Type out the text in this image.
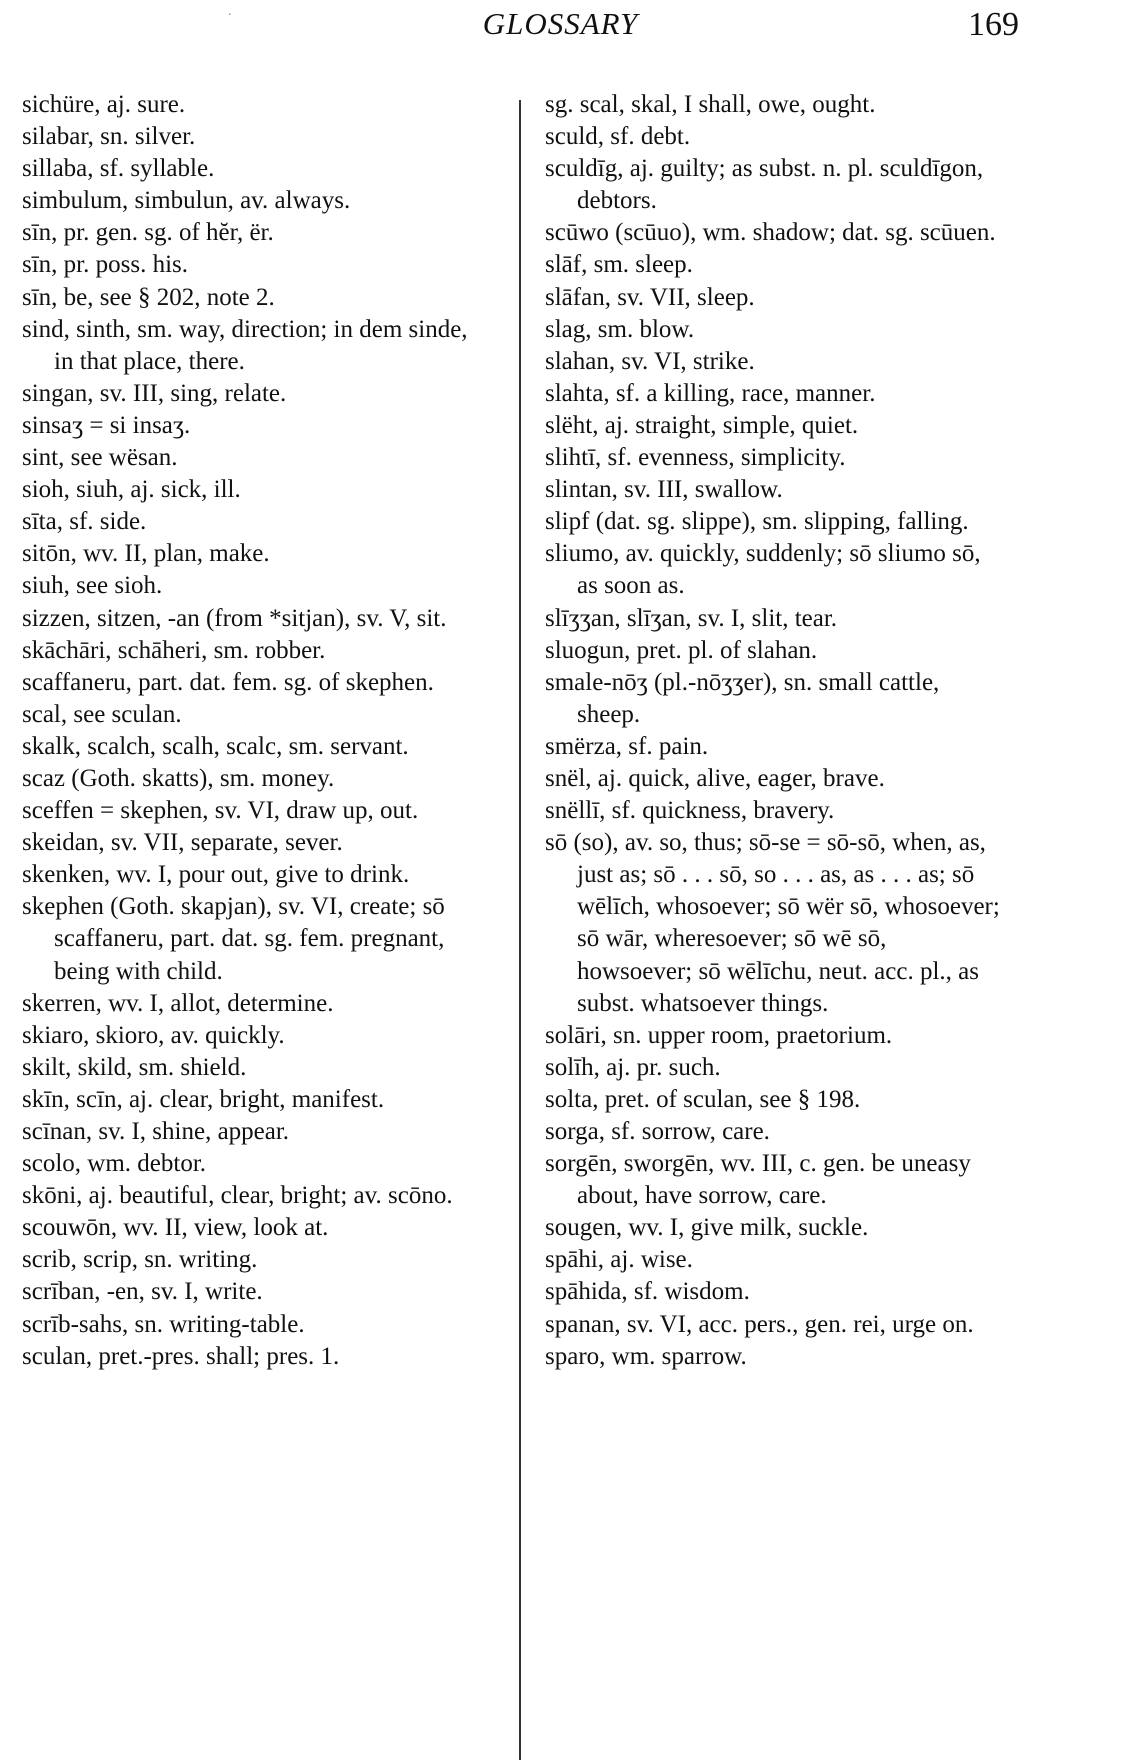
.	GLOSSARY	169
sichüre, aj. sure.
silabar, sn. silver.
sillaba, sf. syllable.
simbulum, simbulun, av. always.
sīn, pr. gen. sg. of hĕr, ër.
sīn, pr. poss. his.
sīn, be, see § 202, note 2.
sind, sinth, sm. way, direction; in dem sinde, in that place, there.
singan, sv. III, sing, relate.
sinsaʒ = si insaʒ.
sint, see wësan.
sioh, siuh, aj. sick, ill.
sīta, sf. side.
sitōn, wv. II, plan, make.
siuh, see sioh.
sizzen, sitzen, -an (from *sitjan), sv. V, sit.
skāchāri, schāheri, sm. robber.
scaffaneru, part. dat. fem. sg. of skephen.
scal, see sculan.
skalk, scalch, scalh, scalc, sm. servant.
scaz (Goth. skatts), sm. money.
sceffen = skephen, sv. VI, draw up, out.
skeidan, sv. VII, separate, sever.
skenken, wv. I, pour out, give to drink.
skephen (Goth. skapjan), sv. VI, create; sō scaffaneru, part. dat. sg. fem. pregnant, being with child.
skerren, wv. I, allot, determine.
skiaro, skioro, av. quickly.
skilt, skild, sm. shield.
skīn, scīn, aj. clear, bright, manifest.
scīnan, sv. I, shine, appear.
scolo, wm. debtor.
skōni, aj. beautiful, clear, bright; av. scōno.
scouwōn, wv. II, view, look at.
scrib, scrip, sn. writing.
scrīban, -en, sv. I, write.
scrīb-sahs, sn. writing-table.
sculan, pret.-pres. shall; pres. 1.
sg. scal, skal, I shall, owe, ought.
sculd, sf. debt.
sculdīg, aj. guilty; as subst. n. pl. sculdīgon, debtors.
scūwo (scūuo), wm. shadow; dat. sg. scūuen.
slāf, sm. sleep.
slāfan, sv. VII, sleep.
slag, sm. blow.
slahan, sv. VI, strike.
slahta, sf. a killing, race, manner.
slëht, aj. straight, simple, quiet.
slihtī, sf. evenness, simplicity.
slintan, sv. III, swallow.
slipf (dat. sg. slippe), sm. slipping, falling.
sliumo, av. quickly, suddenly; sō sliumo sō, as soon as.
slīʒʒan, slīʒan, sv. I, slit, tear.
sluogun, pret. pl. of slahan.
smale-nōʒ (pl.-nōʒʒer), sn. small cattle, sheep.
smërza, sf. pain.
snël, aj. quick, alive, eager, brave.
snëllī, sf. quickness, bravery.
sō (so), av. so, thus; sō-se = sō-sō, when, as, just as; sō . . . sō, so . . . as, as . . . as; sō wēlīch, whosoever; sō wër sō, whosoever; sō wār, wheresoever; sō wē sō, howsoever; sō wēlīchu, neut. acc. pl., as subst. whatsoever things.
solāri, sn. upper room, praetorium.
solīh, aj. pr. such.
solta, pret. of sculan, see § 198.
sorga, sf. sorrow, care.
sorgēn, sworgēn, wv. III, c. gen. be uneasy about, have sorrow, care.
sougen, wv. I, give milk, suckle.
spāhi, aj. wise.
spāhida, sf. wisdom.
spanan, sv. VI, acc. pers., gen. rei, urge on.
sparo, wm. sparrow.
